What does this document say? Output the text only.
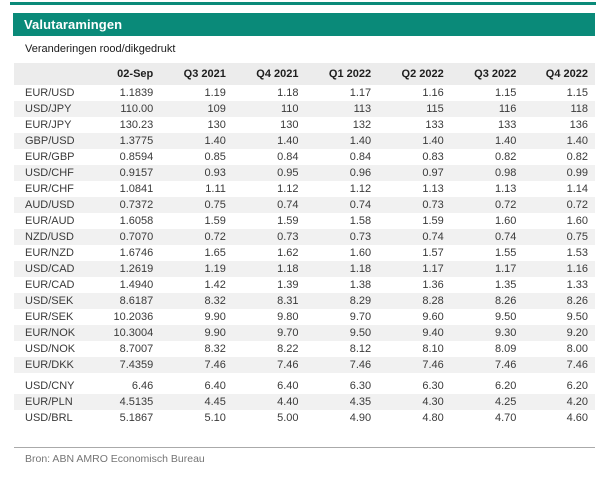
Valutaramingen
Veranderingen rood/dikgedrukt
	02-Sep	Q3 2021	Q4 2021	Q1 2022	Q2 2022	Q3 2022	Q4 2022
EUR/USD	1.1839	1.19	1.18	1.17	1.16	1.15	1.15
USD/JPY	110.00	109	110	113	115	116	118
EUR/JPY	130.23	130	130	132	133	133	136
GBP/USD	1.3775	1.40	1.40	1.40	1.40	1.40	1.40
EUR/GBP	0.8594	0.85	0.84	0.84	0.83	0.82	0.82
USD/CHF	0.9157	0.93	0.95	0.96	0.97	0.98	0.99
EUR/CHF	1.0841	1.11	1.12	1.12	1.13	1.13	1.14
AUD/USD	0.7372	0.75	0.74	0.74	0.73	0.72	0.72
EUR/AUD	1.6058	1.59	1.59	1.58	1.59	1.60	1.60
NZD/USD	0.7070	0.72	0.73	0.73	0.74	0.74	0.75
EUR/NZD	1.6746	1.65	1.62	1.60	1.57	1.55	1.53
USD/CAD	1.2619	1.19	1.18	1.18	1.17	1.17	1.16
EUR/CAD	1.4940	1.42	1.39	1.38	1.36	1.35	1.33
USD/SEK	8.6187	8.32	8.31	8.29	8.28	8.26	8.26
EUR/SEK	10.2036	9.90	9.80	9.70	9.60	9.50	9.50
EUR/NOK	10.3004	9.90	9.70	9.50	9.40	9.30	9.20
USD/NOK	8.7007	8.32	8.22	8.12	8.10	8.09	8.00
EUR/DKK	7.4359	7.46	7.46	7.46	7.46	7.46	7.46

USD/CNY	6.46	6.40	6.40	6.30	6.30	6.20	6.20
EUR/PLN	4.5135	4.45	4.40	4.35	4.30	4.25	4.20
USD/BRL	5.1867	5.10	5.00	4.90	4.80	4.70	4.60
Bron: ABN AMRO Economisch Bureau
